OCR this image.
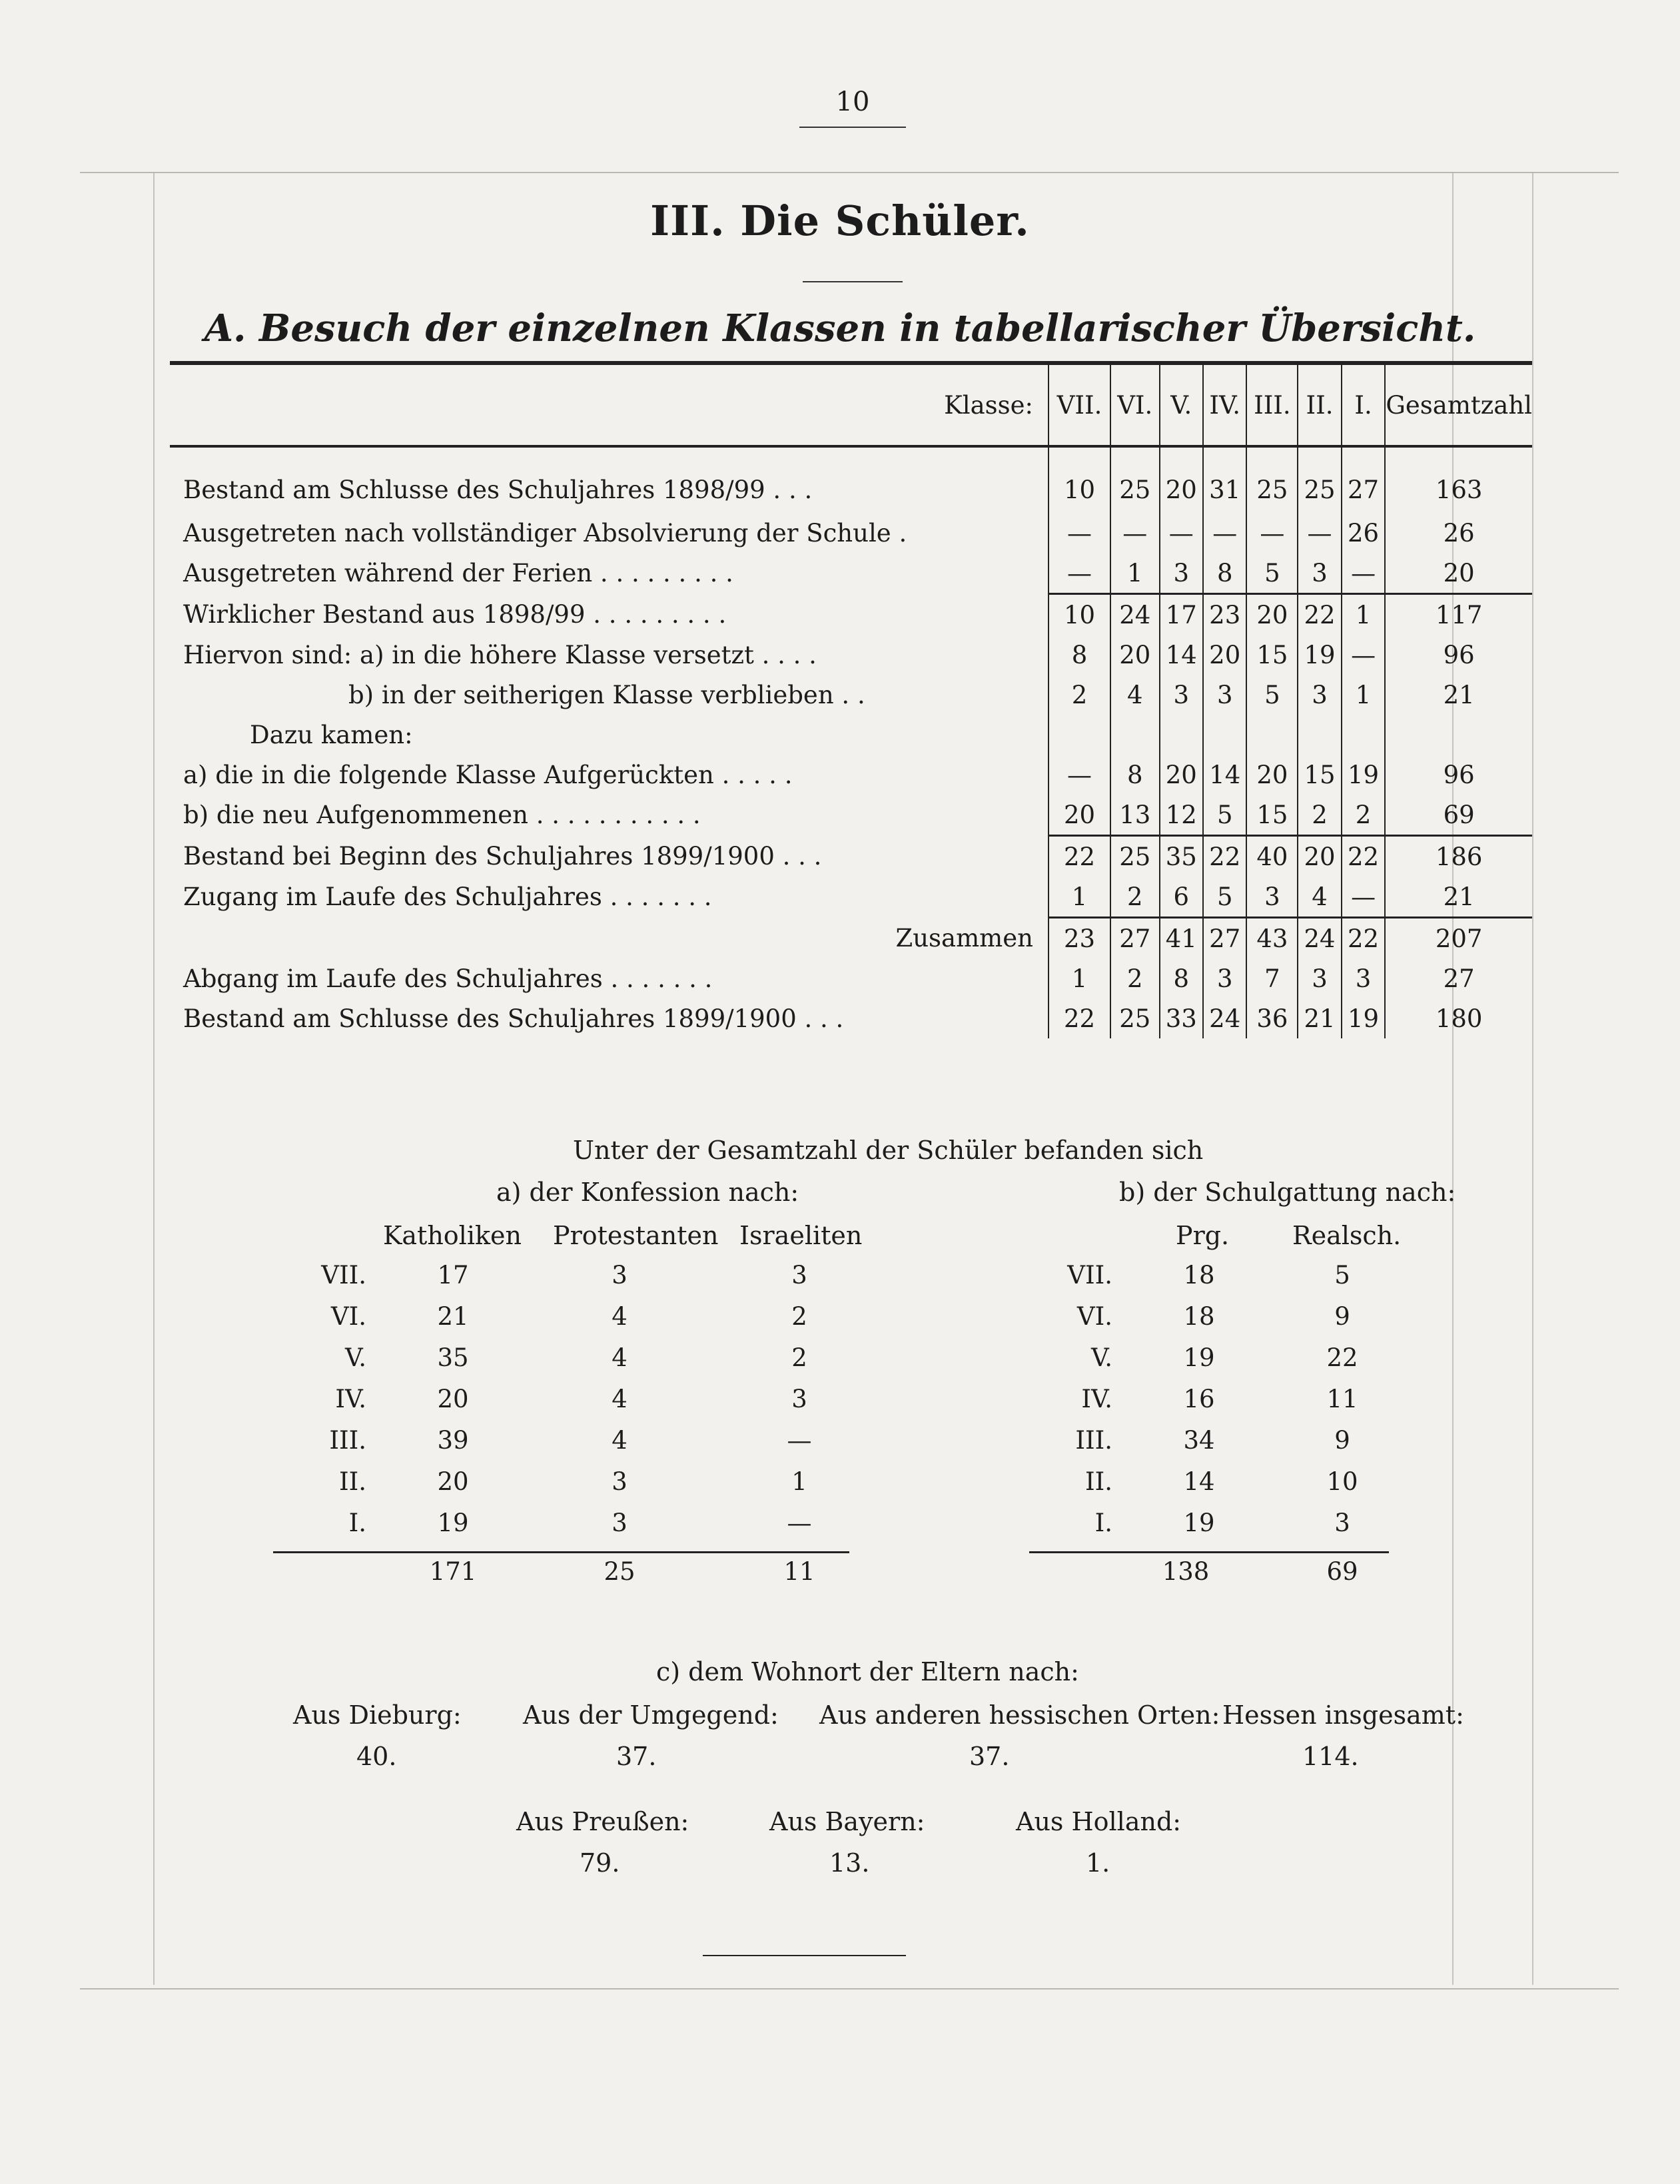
10
III. Die Schüler.
A. Besuch der einzelnen Klassen in tabellarischer Übersicht.
Klasse:	VII.	VI.	V.	IV.	III.	II.	I.	Gesamtzahl
Bestand am Schlusse des Schuljahres 1898/99 . . .	10	25	20	31	25	25	27	163
Ausgetreten nach vollständiger Absolvierung der Schule .	—	—	—	—	—	—	26	26
Ausgetreten während der Ferien . . . . . . . . .	—	1	3	8	5	3	—	20
Wirklicher Bestand aus 1898/99 . . . . . . . . .	10	24	17	23	20	22	1	117
Hiervon sind: a) in die höhere Klasse versetzt . . . .	8	20	14	20	15	19	—	96
b) in der seitherigen Klasse verblieben . .	2	4	3	3	5	3	1	21
Dazu kamen:								
a) die in die folgende Klasse Aufgerückten . . . . .	—	8	20	14	20	15	19	96
b) die neu Aufgenommenen . . . . . . . . . . .	20	13	12	5	15	2	2	69
Bestand bei Beginn des Schuljahres 1899/1900 . . .	22	25	35	22	40	20	22	186
Zugang im Laufe des Schuljahres . . . . . . .	1	2	6	5	3	4	—	21
Zusammen	23	27	41	27	43	24	22	207
Abgang im Laufe des Schuljahres . . . . . . .	1	2	8	3	7	3	3	27
Bestand am Schlusse des Schuljahres 1899/1900 . . .	22	25	33	24	36	21	19	180
Unter der Gesamtzahl der Schüler befanden sich
a) der Konfession nach:	b) der Schulgattung nach:
Katholiken Protestanten Israeliten	Prg. Realsch.
VII.	17	3	3
VI.	21	4	2
V.	35	4	2
IV.	20	4	3
III.	39	4	—
II.	20	3	1
I.	19	3	—
VII.	18	5
VI.	18	9
V.	19	22
IV.	16	11
III.	34	9
II.	14	10
I.	19	3
171	25	11	138	69
c) dem Wohnort der Eltern nach:
Aus Dieburg:
40.
Aus der Umgegend:
37.
Aus anderen hessischen Orten:
37.
Hessen insgesamt:
114.
Aus Preußen:
79.
Aus Bayern:
13.
Aus Holland:
1.
